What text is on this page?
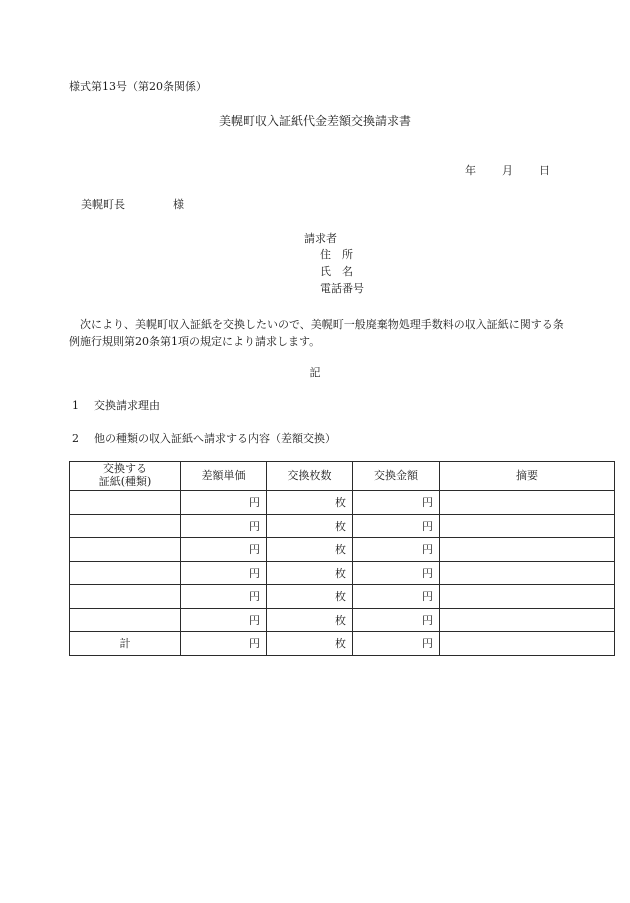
様式第13号（第20条関係）
美幌町収入証紙代金差額交換請求書
年 月 日
美幌町長	様
請求者
住　所
氏　名
電話番号
次により、美幌町収入証紙を交換したいので、美幌町一般廃棄物処理手数料の収入証紙に関する条例施行規則第20条第1項の規定により請求します。
記
1 交換請求理由
2 他の種類の収入証紙へ請求する内容（差額交換）
交換する
証紙(種類)	差額単価	交換枚数	交換金額	摘要
	円	枚	円	
	円	枚	円	
	円	枚	円	
	円	枚	円	
	円	枚	円	
	円	枚	円	
計	円	枚	円	
